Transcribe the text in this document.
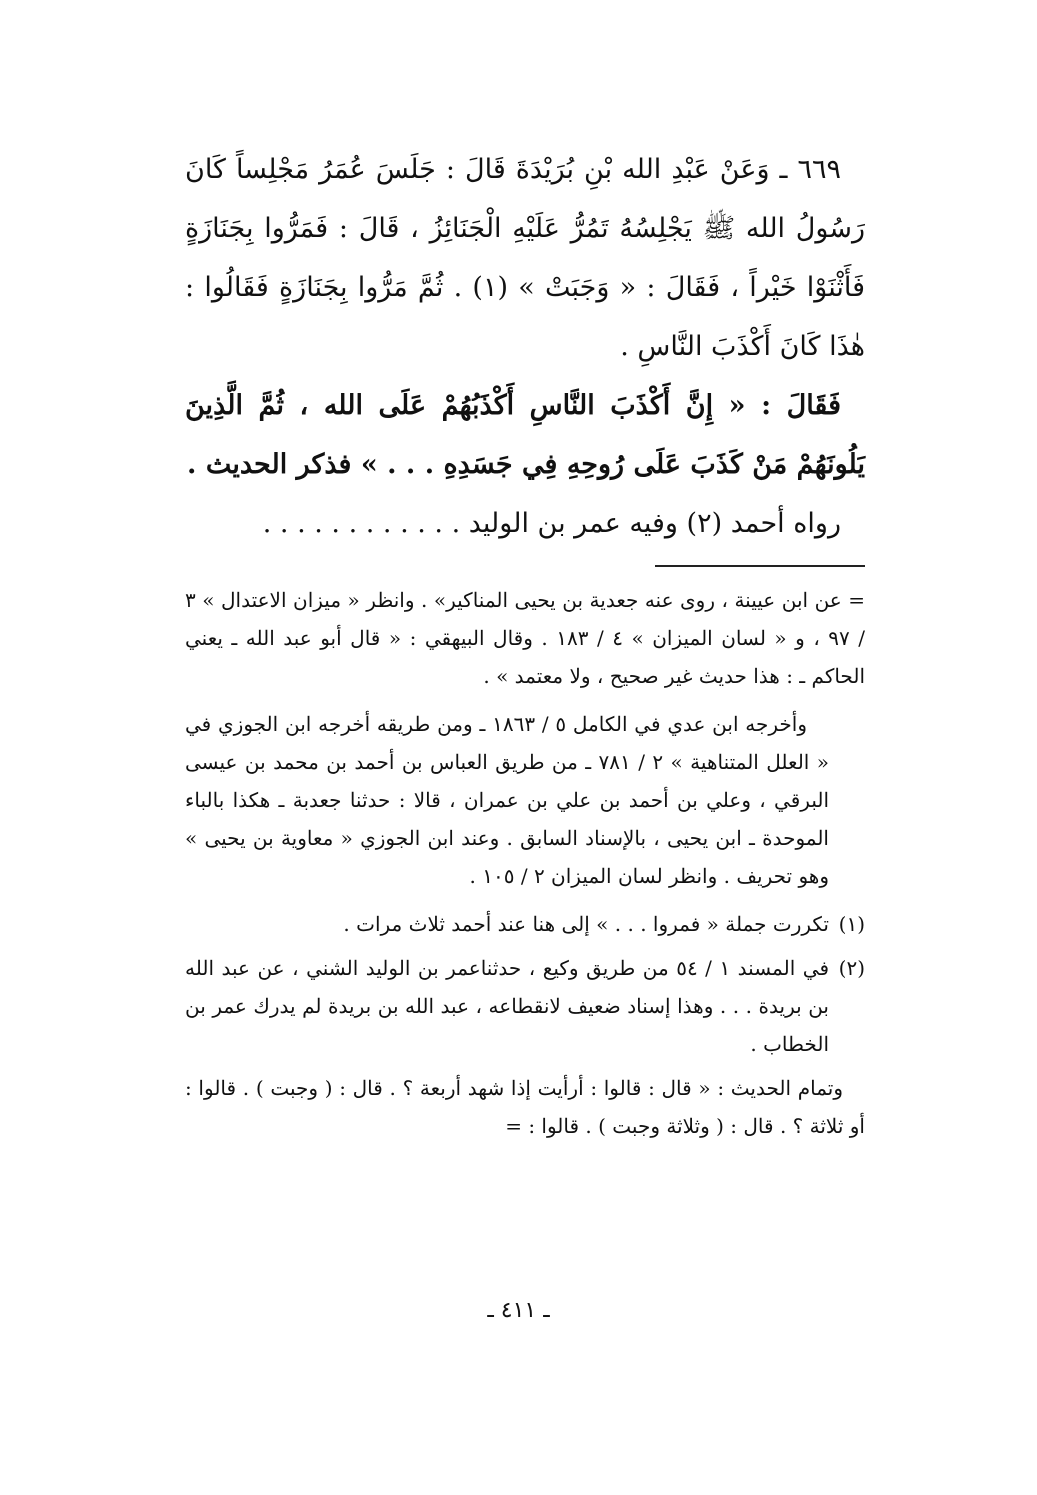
٦٦٩ ـ وَعَنْ عَبْدِ الله بْنِ بُرَيْدَةَ قَالَ : جَلَسَ عُمَرُ مَجْلِساً كَانَ رَسُولُ الله ﷺ يَجْلِسُهُ تَمُرُّ عَلَيْهِ الْجَنَائِزُ ، قَالَ : فَمَرُّوا بِجَنَازَةٍ فَأَثْنَوْا خَيْراً ، فَقَالَ : « وَجَبَتْ » (١) . ثُمَّ مَرُّوا بِجَنَازَةٍ فَقَالُوا : هٰذَا كَانَ أَكْذَبَ النَّاسِ .

فَقَالَ : « إِنَّ أَكْذَبَ النَّاسِ أَكْذَبُهُمْ عَلَى الله ، ثُمَّ الَّذِينَ يَلُونَهُمْ مَنْ كَذَبَ عَلَى رُوحِهِ فِي جَسَدِهِ . . . » فذكر الحديث .

رواه أحمد (٢) وفيه عمر بن الوليد . . . . . . . . . . . .

= عن ابن عيينة ، روى عنه جعدية بن يحيى المناكير» . وانظر « ميزان الاعتدال » ٣ / ٩٧ ، و « لسان الميزان » ٤ / ١٨٣ . وقال البيهقي : « قال أبو عبد الله ـ يعني الحاكم ـ : هذا حديث غير صحيح ، ولا معتمد » .

وأخرجه ابن عدي في الكامل ٥ / ١٨٦٣ ـ ومن طريقه أخرجه ابن الجوزي في « العلل المتناهية » ٢ / ٧٨١ ـ من طريق العباس بن أحمد بن محمد بن عيسى البرقي ، وعلي بن أحمد بن علي بن عمران ، قالا : حدثنا جعدبة ـ هكذا بالباء الموحدة ـ ابن يحيى ، بالإسناد السابق . وعند ابن الجوزي « معاوية بن يحيى » وهو تحريف . وانظر لسان الميزان ٢ / ١٠٥ .

(١)
تكررت جملة « فمروا . . . » إلى هنا عند أحمد ثلاث مرات .
(٢)
في المسند ١ / ٥٤ من طريق وكيع ، حدثناعمر بن الوليد الشني ، عن عبد الله بن بريدة . . . وهذا إسناد ضعيف لانقطاعه ، عبد الله بن بريدة لم يدرك عمر بن الخطاب .

وتمام الحديث : « قال : قالوا : أرأيت إذا شهد أربعة ؟ . قال : ( وجبت ) . قالوا : أو ثلاثة ؟ . قال : ( وثلاثة وجبت ) . قالوا : =

ـ ٤١١ ـ
